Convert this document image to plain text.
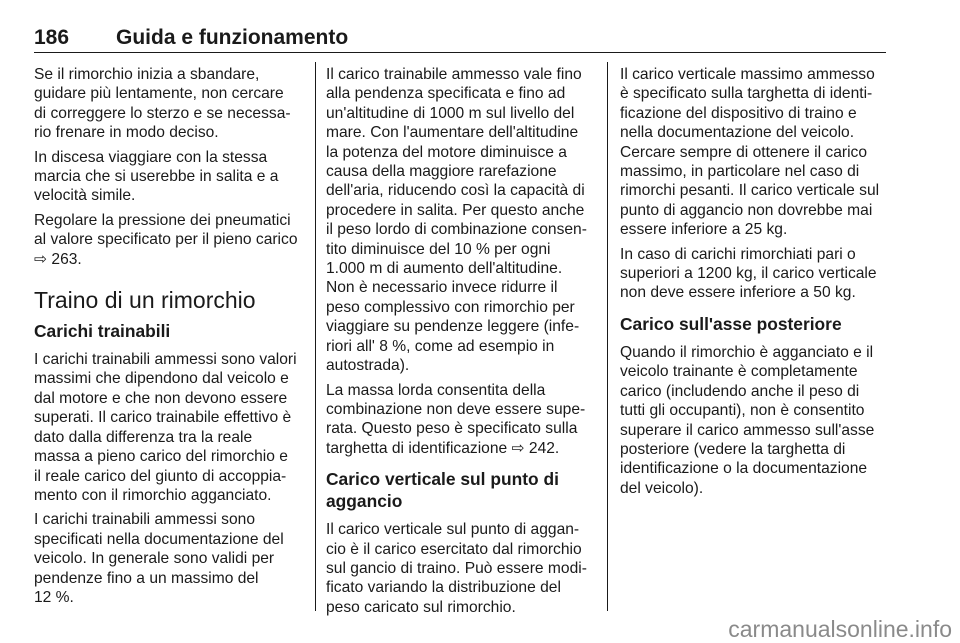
186 Guida e funzionamento
Se il rimorchio inizia a sbandare,
guidare più lentamente, non cercare
di correggere lo sterzo e se necessa-
rio frenare in modo deciso.
In discesa viaggiare con la stessa
marcia che si userebbe in salita e a
velocità simile.
Regolare la pressione dei pneumatici
al valore specificato per il pieno carico
⇨ 263.
Traino di un rimorchio
Carichi trainabili
I carichi trainabili ammessi sono valori
massimi che dipendono dal veicolo e
dal motore e che non devono essere
superati. Il carico trainabile effettivo è
dato dalla differenza tra la reale
massa a pieno carico del rimorchio e
il reale carico del giunto di accoppia-
mento con il rimorchio agganciato.
I carichi trainabili ammessi sono
specificati nella documentazione del
veicolo. In generale sono validi per
pendenze fino a un massimo del
12 %.
Il carico trainabile ammesso vale fino
alla pendenza specificata e fino ad
un'altitudine di 1000 m sul livello del
mare. Con l'aumentare dell'altitudine
la potenza del motore diminuisce a
causa della maggiore rarefazione
dell'aria, riducendo così la capacità di
procedere in salita. Per questo anche
il peso lordo di combinazione consen-
tito diminuisce del 10 % per ogni
1.000 m di aumento dell'altitudine.
Non è necessario invece ridurre il
peso complessivo con rimorchio per
viaggiare su pendenze leggere (infe-
riori all' 8 %, come ad esempio in
autostrada).
La massa lorda consentita della
combinazione non deve essere supe-
rata. Questo peso è specificato sulla
targhetta di identificazione ⇨ 242.
Carico verticale sul punto di
aggancio
Il carico verticale sul punto di aggan-
cio è il carico esercitato dal rimorchio
sul gancio di traino. Può essere modi-
ficato variando la distribuzione del
peso caricato sul rimorchio.
Il carico verticale massimo ammesso
è specificato sulla targhetta di identi-
ficazione del dispositivo di traino e
nella documentazione del veicolo.
Cercare sempre di ottenere il carico
massimo, in particolare nel caso di
rimorchi pesanti. Il carico verticale sul
punto di aggancio non dovrebbe mai
essere inferiore a 25 kg.
In caso di carichi rimorchiati pari o
superiori a 1200 kg, il carico verticale
non deve essere inferiore a 50 kg.
Carico sull'asse posteriore
Quando il rimorchio è agganciato e il
veicolo trainante è completamente
carico (includendo anche il peso di
tutti gli occupanti), non è consentito
superare il carico ammesso sull'asse
posteriore (vedere la targhetta di
identificazione o la documentazione
del veicolo).
carmanualsonline.info
